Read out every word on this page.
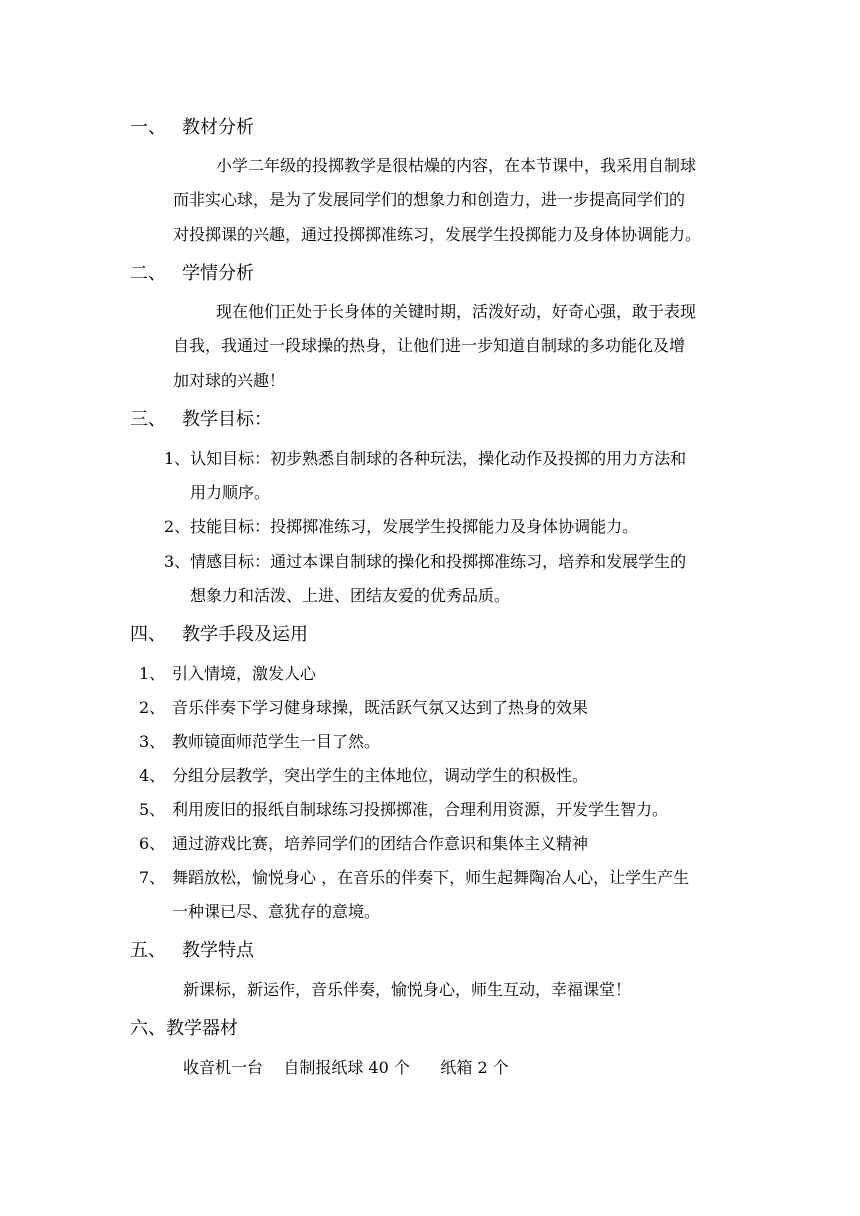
一、 教材分析
小学二年级的投掷教学是很枯燥的内容，在本节课中，我采用自制球
而非实心球，是为了发展同学们的想象力和创造力，进一步提高同学们的
对投掷课的兴趣，通过投掷掷准练习，发展学生投掷能力及身体协调能力。
二、 学情分析
现在他们正处于长身体的关键时期，活泼好动，好奇心强，敢于表现
自我，我通过一段球操的热身，让他们进一步知道自制球的多功能化及增
加对球的兴趣！
三、 教学目标：
1、认知目标：初步熟悉自制球的各种玩法，操化动作及投掷的用力方法和
用力顺序。
2、技能目标：投掷掷准练习，发展学生投掷能力及身体协调能力。
3、情感目标：通过本课自制球的操化和投掷掷准练习，培养和发展学生的
想象力和活泼、上进、团结友爱的优秀品质。
四、 教学手段及运用
1、 引入情境，激发人心
2、 音乐伴奏下学习健身球操，既活跃气氛又达到了热身的效果
3、 教师镜面师范学生一目了然。
4、 分组分层教学，突出学生的主体地位，调动学生的积极性。
5、 利用废旧的报纸自制球练习投掷掷准，合理利用资源，开发学生智力。
6、 通过游戏比赛，培养同学们的团结合作意识和集体主义精神
7、 舞蹈放松，愉悦身心 ，在音乐的伴奏下，师生起舞陶冶人心，让学生产生
一种课已尽、意犹存的意境。
五、 教学特点
新课标，新运作，音乐伴奏，愉悦身心，师生互动，幸福课堂！
六、教学器材
收音机一台    自制报纸球 40 个      纸箱 2 个
